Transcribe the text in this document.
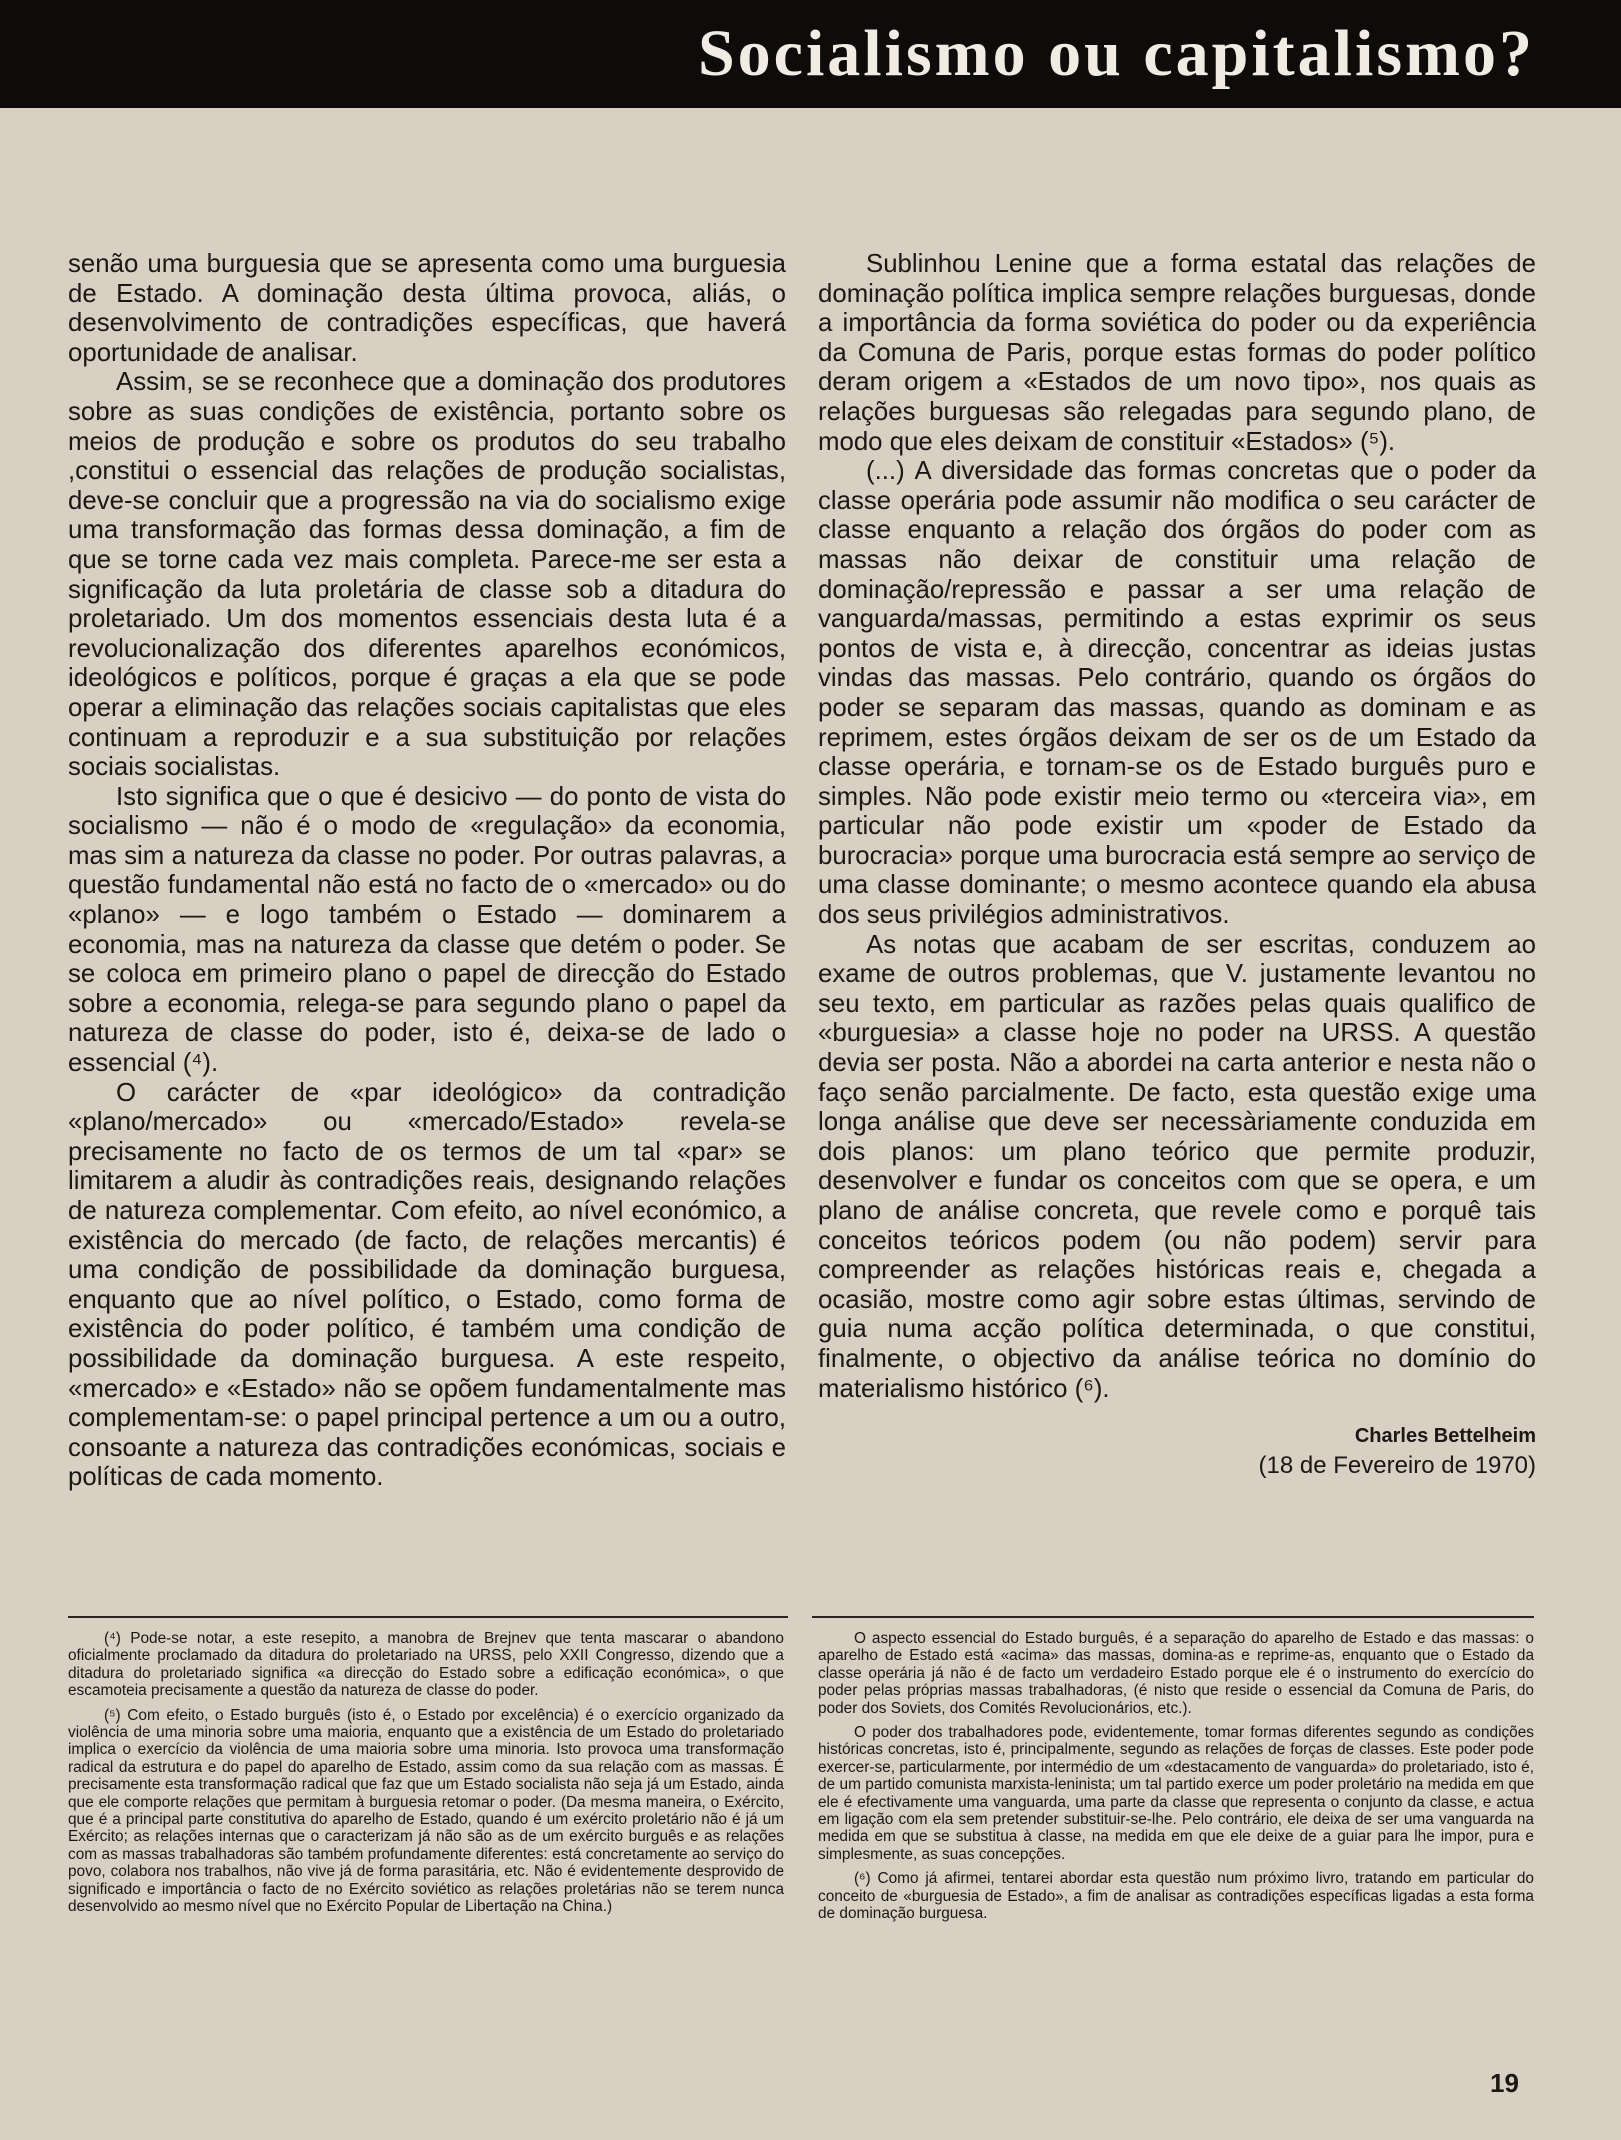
Socialismo ou capitalismo?

senão uma burguesia que se apresenta como uma burguesia de Estado. A dominação desta última provoca, aliás, o desenvolvimento de contradições específicas, que haverá oportunidade de analisar.

Assim, se se reconhece que a dominação dos produtores sobre as suas condições de existência, portanto sobre os meios de produção e sobre os produtos do seu trabalho ,constitui o essencial das relações de produção socialistas, deve-se concluir que a progressão na via do socialismo exige uma transformação das formas dessa dominação, a fim de que se torne cada vez mais completa. Parece-me ser esta a significação da luta proletária de classe sob a ditadura do proletariado. Um dos momentos essenciais desta luta é a revolucionalização dos diferentes aparelhos económicos, ideológicos e políticos, porque é graças a ela que se pode operar a eliminação das relações sociais capitalistas que eles continuam a reproduzir e a sua substituição por relações sociais socialistas.

Isto significa que o que é desicivo — do ponto de vista do socialismo — não é o modo de «regulação» da economia, mas sim a natureza da classe no poder. Por outras palavras, a questão fundamental não está no facto de o «mercado» ou do «plano» — e logo também o Estado — dominarem a economia, mas na natureza da classe que detém o poder. Se se coloca em primeiro plano o papel de direcção do Estado sobre a economia, relega-se para segundo plano o papel da natureza de classe do poder, isto é, deixa-se de lado o essencial (⁴).

O carácter de «par ideológico» da contradição «plano/mercado» ou «mercado/Estado» revela-se precisamente no facto de os termos de um tal «par» se limitarem a aludir às contradições reais, designando relações de natureza complementar. Com efeito, ao nível económico, a existência do mercado (de facto, de relações mercantis) é uma condição de possibilidade da dominação burguesa, enquanto que ao nível político, o Estado, como forma de existência do poder político, é também uma condição de possibilidade da dominação burguesa. A este respeito, «mercado» e «Estado» não se opõem fundamentalmente mas complementam-se: o papel principal pertence a um ou a outro, consoante a natureza das contradições económicas, sociais e políticas de cada momento.

Sublinhou Lenine que a forma estatal das relações de dominação política implica sempre relações burguesas, donde a importância da forma soviética do poder ou da experiência da Comuna de Paris, porque estas formas do poder político deram origem a «Estados de um novo tipo», nos quais as relações burguesas são relegadas para segundo plano, de modo que eles deixam de constituir «Estados» (⁵).

(...) A diversidade das formas concretas que o poder da classe operária pode assumir não modifica o seu carácter de classe enquanto a relação dos órgãos do poder com as massas não deixar de constituir uma relação de dominação/repressão e passar a ser uma relação de vanguarda/massas, permitindo a estas exprimir os seus pontos de vista e, à direcção, concentrar as ideias justas vindas das massas. Pelo contrário, quando os órgãos do poder se separam das massas, quando as dominam e as reprimem, estes órgãos deixam de ser os de um Estado da classe operária, e tornam-se os de Estado burguês puro e simples. Não pode existir meio termo ou «terceira via», em particular não pode existir um «poder de Estado da burocracia» porque uma burocracia está sempre ao serviço de uma classe dominante; o mesmo acontece quando ela abusa dos seus privilégios administrativos.

As notas que acabam de ser escritas, conduzem ao exame de outros problemas, que V. justamente levantou no seu texto, em particular as razões pelas quais qualifico de «burguesia» a classe hoje no poder na URSS. A questão devia ser posta. Não a abordei na carta anterior e nesta não o faço senão parcialmente. De facto, esta questão exige uma longa análise que deve ser necessàriamente conduzida em dois planos: um plano teórico que permite produzir, desenvolver e fundar os conceitos com que se opera, e um plano de análise concreta, que revele como e porquê tais conceitos teóricos podem (ou não podem) servir para compreender as relações históricas reais e, chegada a ocasião, mostre como agir sobre estas últimas, servindo de guia numa acção política determinada, o que constitui, finalmente, o objectivo da análise teórica no domínio do materialismo histórico (⁶).

Charles Bettelheim
(18 de Fevereiro de 1970)

(⁴) Pode-se notar, a este resepito, a manobra de Brejnev que tenta mascarar o abandono oficialmente proclamado da ditadura do proletariado na URSS, pelo XXII Congresso, dizendo que a ditadura do proletariado significa «a direcção do Estado sobre a edificação económica», o que escamoteia precisamente a questão da natureza de classe do poder.

(⁵) Com efeito, o Estado burguês (isto é, o Estado por excelência) é o exercício organizado da violência de uma minoria sobre uma maioria, enquanto que a existência de um Estado do proletariado implica o exercício da violência de uma maioria sobre uma minoria. Isto provoca uma transformação radical da estrutura e do papel do aparelho de Estado, assim como da sua relação com as massas. É precisamente esta transformação radical que faz que um Estado socialista não seja já um Estado, ainda que ele comporte relações que permitam à burguesia retomar o poder. (Da mesma maneira, o Exército, que é a principal parte constitutiva do aparelho de Estado, quando é um exército proletário não é já um Exército; as relações internas que o caracterizam já não são as de um exército burguês e as relações com as massas trabalhadoras são também profundamente diferentes: está concretamente ao serviço do povo, colabora nos trabalhos, não vive já de forma parasitária, etc. Não é evidentemente desprovido de significado e importância o facto de no Exército soviético as relações proletárias não se terem nunca desenvolvido ao mesmo nível que no Exército Popular de Libertação na China.)

O aspecto essencial do Estado burguês, é a separação do aparelho de Estado e das massas: o aparelho de Estado está «acima» das massas, domina-as e reprime-as, enquanto que o Estado da classe operária já não é de facto um verdadeiro Estado porque ele é o instrumento do exercício do poder pelas próprias massas trabalhadoras, (é nisto que reside o essencial da Comuna de Paris, do poder dos Soviets, dos Comités Revolucionários, etc.).

O poder dos trabalhadores pode, evidentemente, tomar formas diferentes segundo as condições históricas concretas, isto é, principalmente, segundo as relações de forças de classes. Este poder pode exercer-se, particularmente, por intermédio de um «destacamento de vanguarda» do proletariado, isto é, de um partido comunista marxista-leninista; um tal partido exerce um poder proletário na medida em que ele é efectivamente uma vanguarda, uma parte da classe que representa o conjunto da classe, e actua em ligação com ela sem pretender substituir-se-lhe. Pelo contrário, ele deixa de ser uma vanguarda na medida em que se substitua à classe, na medida em que ele deixe de a guiar para lhe impor, pura e simplesmente, as suas concepções.

(⁶) Como já afirmei, tentarei abordar esta questão num próximo livro, tratando em particular do conceito de «burguesia de Estado», a fim de analisar as contradições específicas ligadas a esta forma de dominação burguesa.

19
